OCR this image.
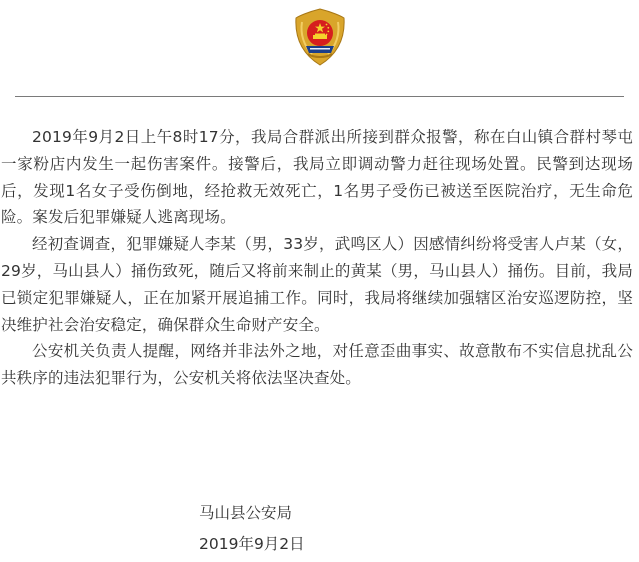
2019年9月2日上午8时17分，我局合群派出所接到群众报警，称在白山镇合群村琴屯一家粉店内发生一起伤害案件。接警后，我局立即调动警力赶往现场处置。民警到达现场后，发现1名女子受伤倒地，经抢救无效死亡，1名男子受伤已被送至医院治疗，无生命危险。案发后犯罪嫌疑人逃离现场。

经初查调查，犯罪嫌疑人李某（男，33岁，武鸣区人）因感情纠纷将受害人卢某（女，29岁，马山县人）捅伤致死，随后又将前来制止的黄某（男，马山县人）捅伤。目前，我局已锁定犯罪嫌疑人，正在加紧开展追捕工作。同时，我局将继续加强辖区治安巡逻防控，坚决维护社会治安稳定，确保群众生命财产安全。

公安机关负责人提醒，网络并非法外之地，对任意歪曲事实、故意散布不实信息扰乱公共秩序的违法犯罪行为，公安机关将依法坚决查处。

马山县公安局
2019年9月2日
